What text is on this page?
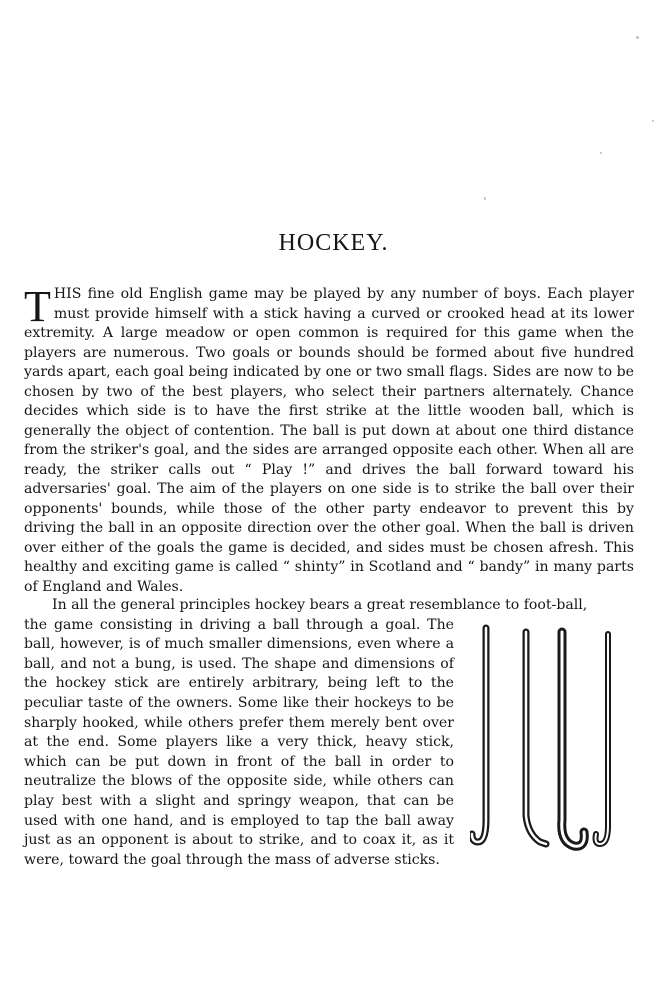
HOCKEY.

THIS fine old English game may be played by any number of boys. Each player must provide himself with a stick having a curved or crooked head at its lower extremity. A large meadow or open common is required for this game when the players are numerous. Two goals or bounds should be formed about five hundred yards apart, each goal being indicated by one or two small flags. Sides are now to be chosen by two of the best players, who select their partners alternately. Chance decides which side is to have the first strike at the little wooden ball, which is generally the object of contention. The ball is put down at about one third distance from the striker's goal, and the sides are arranged opposite each other. When all are ready, the striker calls out “ Play !” and drives the ball forward toward his adversaries' goal. The aim of the players on one side is to strike the ball over their opponents' bounds, while those of the other party endeavor to prevent this by driving the ball in an opposite direction over the other goal. When the ball is driven over either of the goals the game is decided, and sides must be chosen afresh. This healthy and exciting game is called “ shinty” in Scotland and “ bandy” in many parts of England and Wales.

In all the general principles hockey bears a great resemblance to foot-ball,
the game consisting in driving a ball through a goal. The ball, however, is of much smaller dimensions, even where a ball, and not a bung, is used. The shape and dimensions of the hockey stick are entirely arbitrary, being left to the peculiar taste of the owners. Some like their hockeys to be sharply hooked, while others prefer them merely bent over at the end. Some players like a very thick, heavy stick, which can be put down in front of the ball in order to neutralize the blows of the opposite side, while others can play best with a slight and springy weapon, that can be used with one hand, and is employed to tap the ball away just as an opponent is about to strike, and to coax it, as it were, toward the goal through the mass of adverse sticks.
